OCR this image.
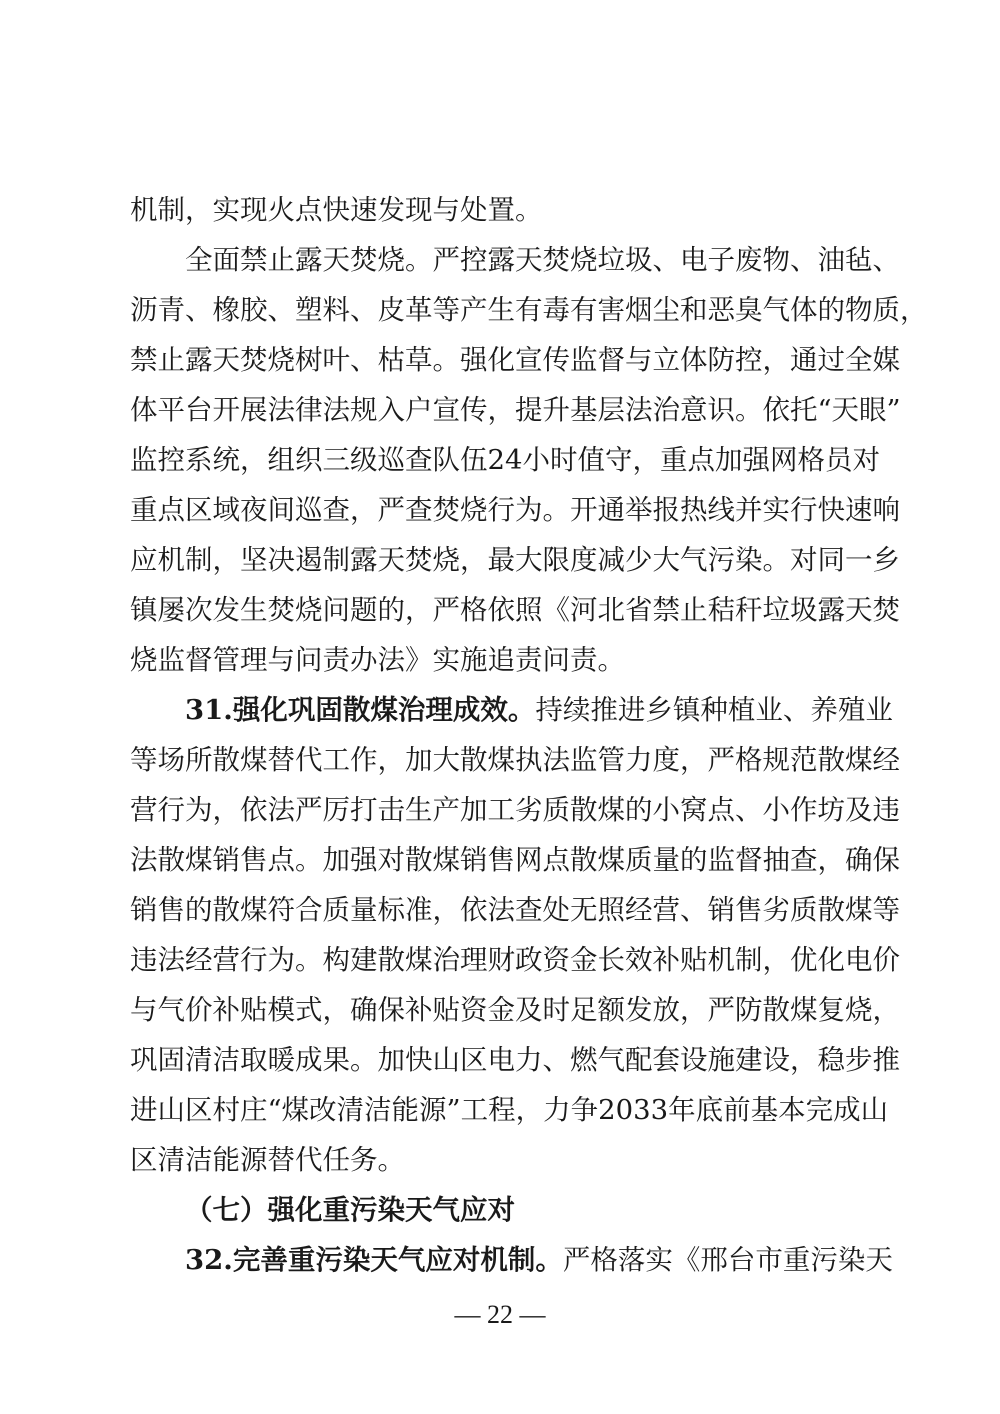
机制，实现火点快速发现与处置。
全面禁止露天焚烧。严控露天焚烧垃圾、电子废物、油毡、
沥青、橡胶、塑料、皮革等产生有毒有害烟尘和恶臭气体的物质，
禁止露天焚烧树叶、枯草。强化宣传监督与立体防控，通过全媒
体平台开展法律法规入户宣传，提升基层法治意识。依托“天眼”
监控系统，组织三级巡查队伍24小时值守，重点加强网格员对
重点区域夜间巡查，严查焚烧行为。开通举报热线并实行快速响
应机制，坚决遏制露天焚烧，最大限度减少大气污染。对同一乡
镇屡次发生焚烧问题的，严格依照《河北省禁止秸秆垃圾露天焚
烧监督管理与问责办法》实施追责问责。
31.强化巩固散煤治理成效。 持续推进乡镇种植业、养殖业
等场所散煤替代工作，加大散煤执法监管力度，严格规范散煤经
营行为，依法严厉打击生产加工劣质散煤的小窝点、小作坊及违
法散煤销售点。加强对散煤销售网点散煤质量的监督抽查，确保
销售的散煤符合质量标准，依法查处无照经营、销售劣质散煤等
违法经营行为。构建散煤治理财政资金长效补贴机制，优化电价
与气价补贴模式，确保补贴资金及时足额发放，严防散煤复烧，
巩固清洁取暖成果。加快山区电力、燃气配套设施建设，稳步推
进山区村庄“煤改清洁能源”工程，力争2033年底前基本完成山
区清洁能源替代任务。
（七）强化重污染天气应对
32.完善重污染天气应对机制。 严格落实《邢台市重污染天
— 22 —
